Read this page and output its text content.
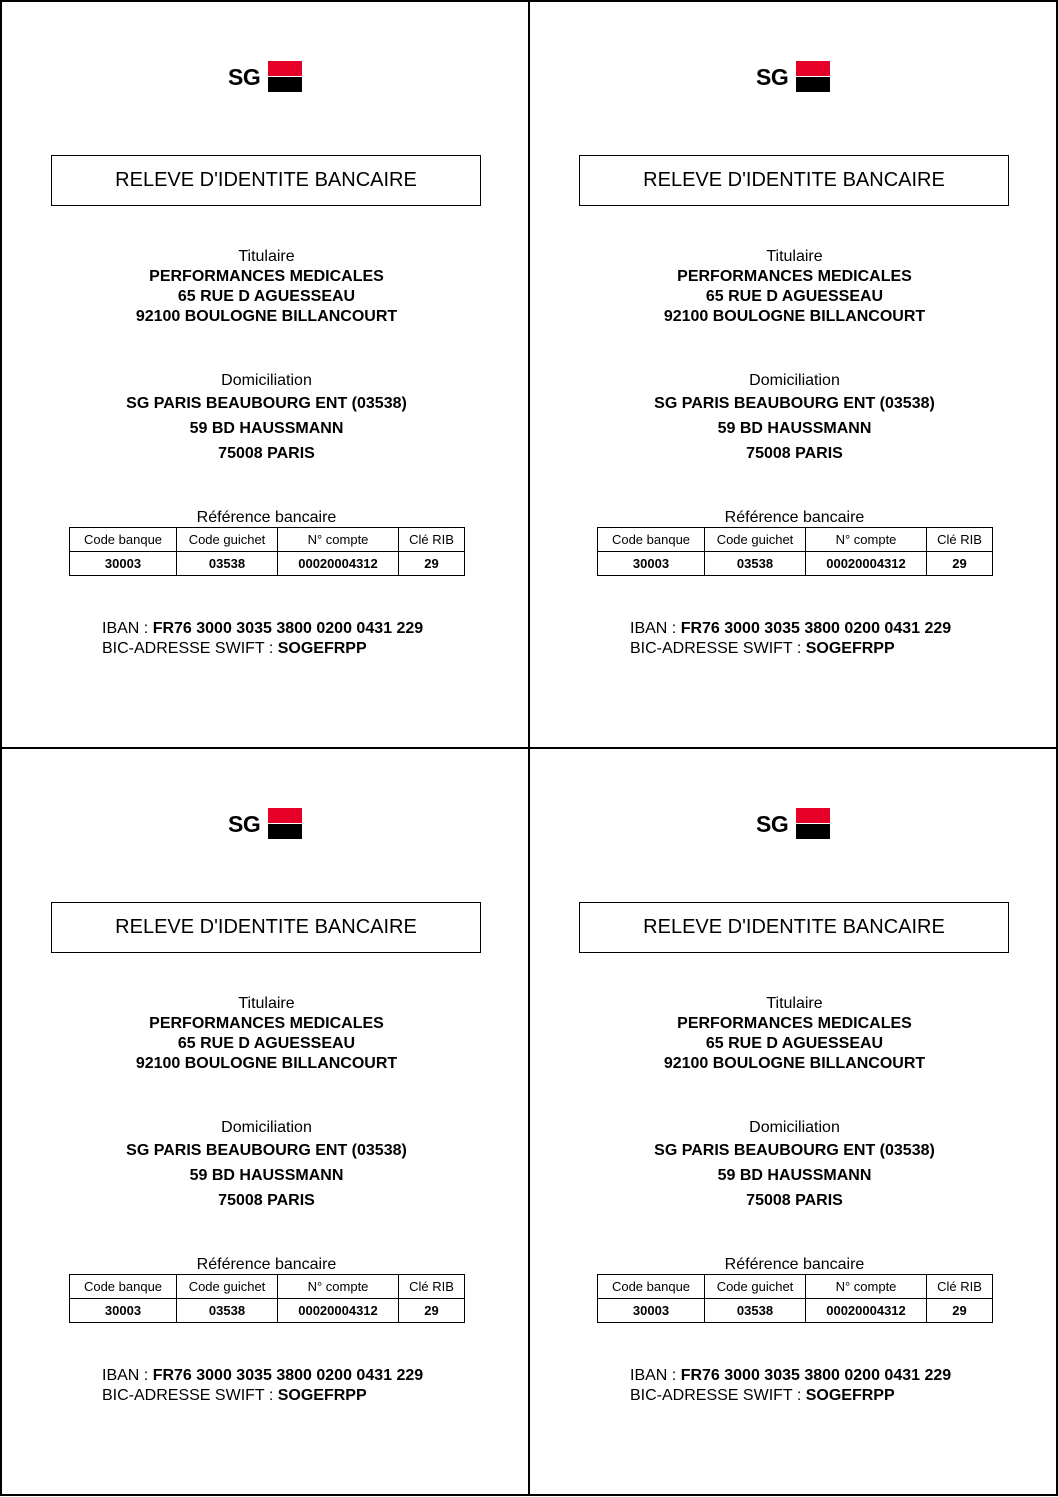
SG
RELEVE D'IDENTITE BANCAIRE
Titulaire
PERFORMANCES MEDICALES
65 RUE D AGUESSEAU
92100 BOULOGNE BILLANCOURT
Domiciliation
SG PARIS BEAUBOURG ENT (03538)
59 BD HAUSSMANN
75008 PARIS
Référence bancaire
Code banque	Code guichet	N° compte	Clé RIB
30003	03538	00020004312	29
IBAN : FR76 3000 3035 3800 0200 0431 229
BIC-ADRESSE SWIFT : SOGEFRPP
SG
RELEVE D'IDENTITE BANCAIRE
Titulaire
PERFORMANCES MEDICALES
65 RUE D AGUESSEAU
92100 BOULOGNE BILLANCOURT
Domiciliation
SG PARIS BEAUBOURG ENT (03538)
59 BD HAUSSMANN
75008 PARIS
Référence bancaire
Code banque	Code guichet	N° compte	Clé RIB
30003	03538	00020004312	29
IBAN : FR76 3000 3035 3800 0200 0431 229
BIC-ADRESSE SWIFT : SOGEFRPP
SG
RELEVE D'IDENTITE BANCAIRE
Titulaire
PERFORMANCES MEDICALES
65 RUE D AGUESSEAU
92100 BOULOGNE BILLANCOURT
Domiciliation
SG PARIS BEAUBOURG ENT (03538)
59 BD HAUSSMANN
75008 PARIS
Référence bancaire
Code banque	Code guichet	N° compte	Clé RIB
30003	03538	00020004312	29
IBAN : FR76 3000 3035 3800 0200 0431 229
BIC-ADRESSE SWIFT : SOGEFRPP
SG
RELEVE D'IDENTITE BANCAIRE
Titulaire
PERFORMANCES MEDICALES
65 RUE D AGUESSEAU
92100 BOULOGNE BILLANCOURT
Domiciliation
SG PARIS BEAUBOURG ENT (03538)
59 BD HAUSSMANN
75008 PARIS
Référence bancaire
Code banque	Code guichet	N° compte	Clé RIB
30003	03538	00020004312	29
IBAN : FR76 3000 3035 3800 0200 0431 229
BIC-ADRESSE SWIFT : SOGEFRPP
